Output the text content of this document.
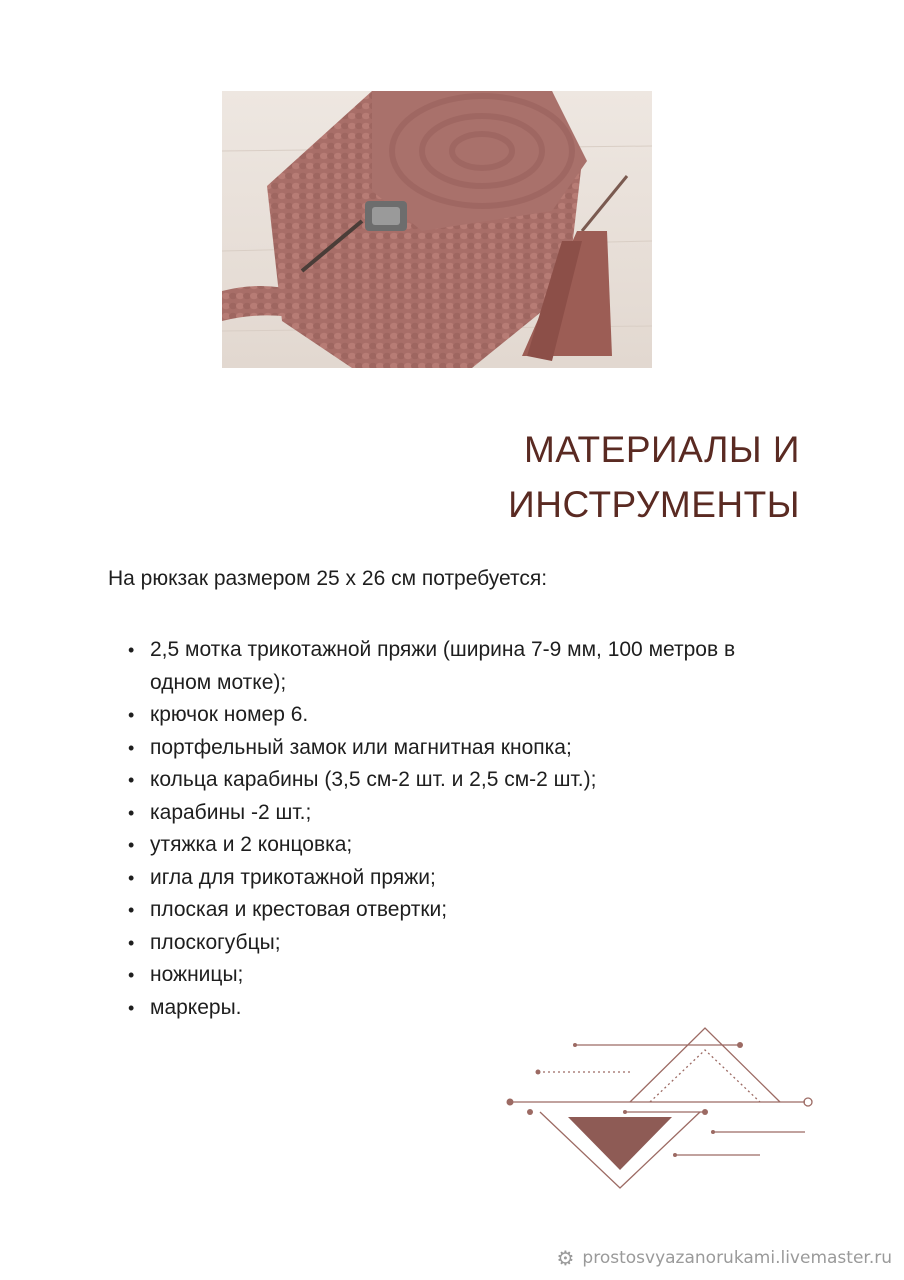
МАТЕРИАЛЫ И
ИНСТРУМЕНТЫ

На рюкзак размером 25 х 26 см потребуется:

• 2,5 мотка трикотажной пряжи (ширина 7-9 мм, 100 метров в одном мотке);
• крючок номер 6.
• портфельный замок или магнитная кнопка;
• кольца карабины (3,5 см-2 шт. и 2,5 см-2 шт.);
• карабины -2 шт.;
• утяжка и 2 концовка;
• игла для трикотажной пряжи;
• плоская и крестовая отвертки;
• плоскогубцы;
• ножницы;
• маркеры.
⚙ prostosvyazanorukami.livemaster.ru
